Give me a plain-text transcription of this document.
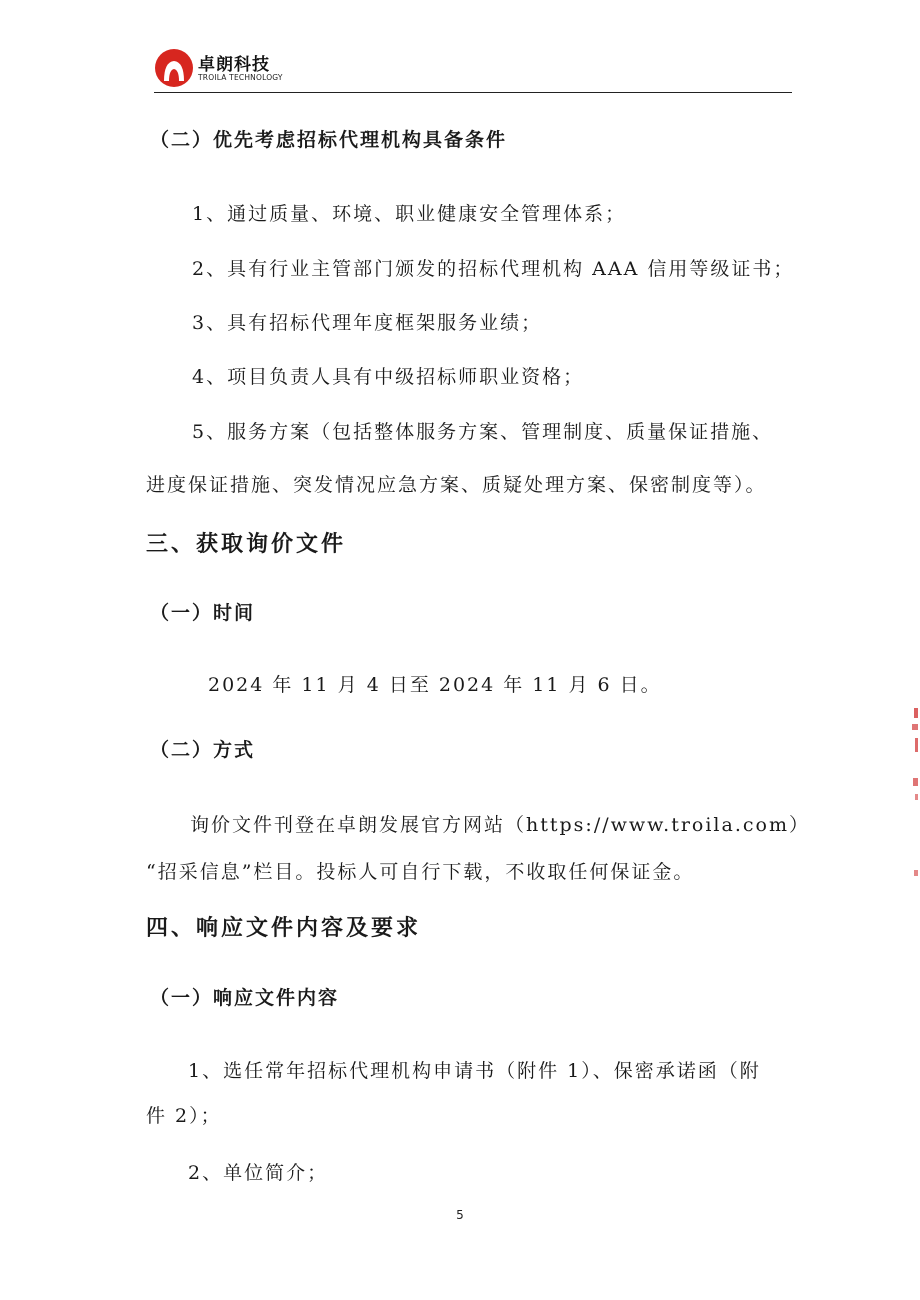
卓朗科技
TROILA TECHNOLOGY
（二）优先考虑招标代理机构具备条件
1、通过质量、环境、职业健康安全管理体系；
2、具有行业主管部门颁发的招标代理机构 AAA 信用等级证书；
3、具有招标代理年度框架服务业绩；
4、项目负责人具有中级招标师职业资格；
5、服务方案（包括整体服务方案、管理制度、质量保证措施、
进度保证措施、突发情况应急方案、质疑处理方案、保密制度等）。
三、获取询价文件
（一）时间
2024 年 11 月 4 日至 2024 年 11 月 6 日。
（二）方式
询价文件刊登在卓朗发展官方网站（https://www.troila.com）
“招采信息”栏目。投标人可自行下载，不收取任何保证金。
四、响应文件内容及要求
（一）响应文件内容
1、选任常年招标代理机构申请书（附件 1）、保密承诺函（附
件 2）；
2、单位简介；
5
